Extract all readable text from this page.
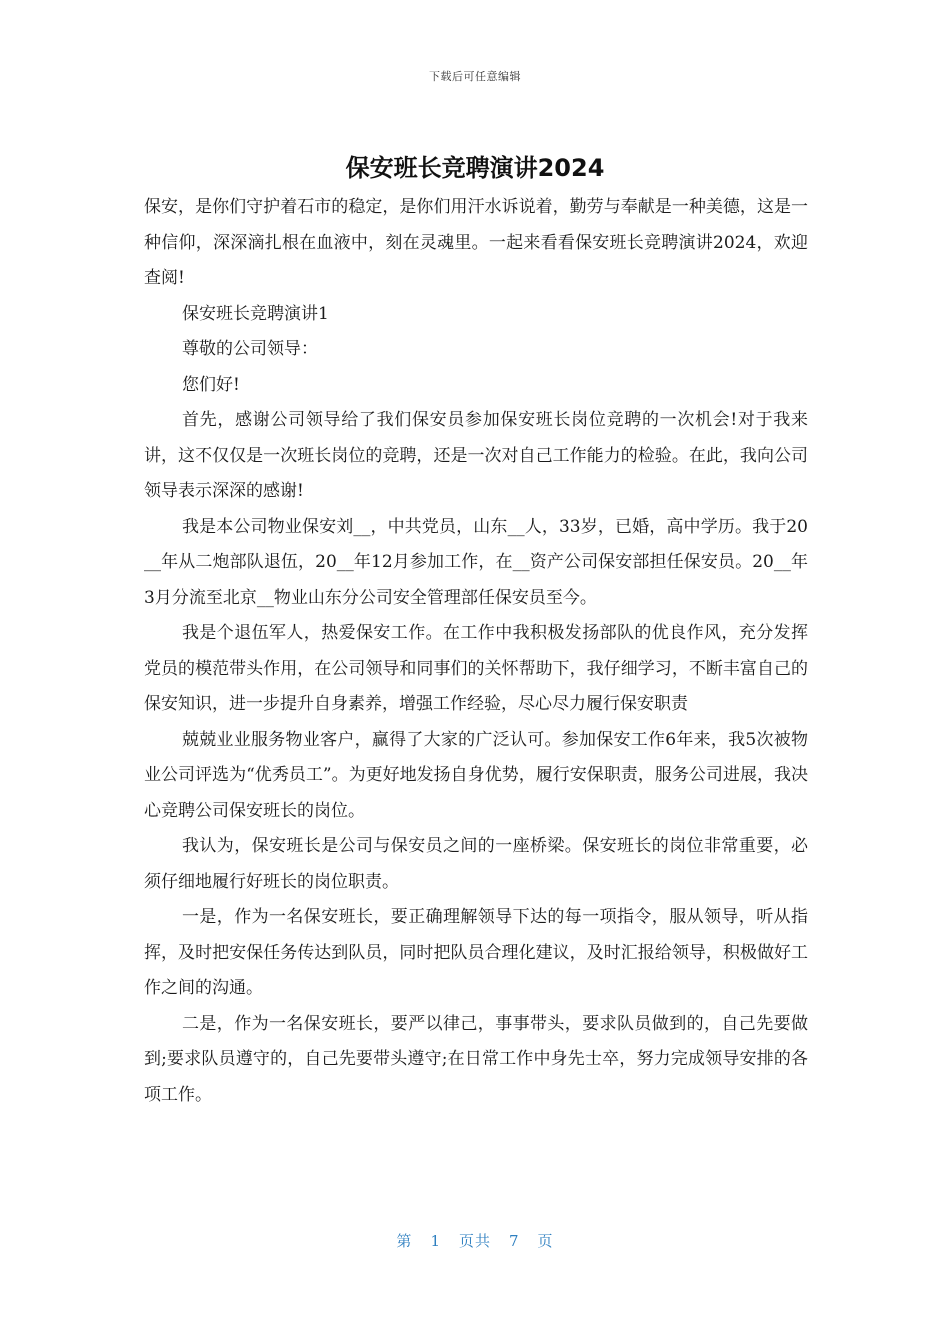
下载后可任意编辑
保安班长竞聘演讲2024

保安，是你们守护着石市的稳定，是你们用汗水诉说着，勤劳与奉献是一种美德，这是一种信仰，深深滴扎根在血液中，刻在灵魂里。一起来看看保安班长竞聘演讲2024，欢迎查阅!

保安班长竞聘演讲1

尊敬的公司领导：

您们好!

首先，感谢公司领导给了我们保安员参加保安班长岗位竞聘的一次机会!对于我来讲，这不仅仅是一次班长岗位的竞聘，还是一次对自己工作能力的检验。在此，我向公司领导表示深深的感谢!

我是本公司物业保安刘__，中共党员，山东__人，33岁，已婚，高中学历。我于20__年从二炮部队退伍，20__年12月参加工作，在__资产公司保安部担任保安员。20__年3月分流至北京__物业山东分公司安全管理部任保安员至今。

我是个退伍军人，热爱保安工作。在工作中我积极发扬部队的优良作风，充分发挥党员的模范带头作用，在公司领导和同事们的关怀帮助下，我仔细学习，不断丰富自己的保安知识，进一步提升自身素养，增强工作经验，尽心尽力履行保安职责

兢兢业业服务物业客户，赢得了大家的广泛认可。参加保安工作6年来，我5次被物业公司评选为“优秀员工”。为更好地发扬自身优势，履行安保职责，服务公司进展，我决心竞聘公司保安班长的岗位。

我认为，保安班长是公司与保安员之间的一座桥梁。保安班长的岗位非常重要，必须仔细地履行好班长的岗位职责。

一是，作为一名保安班长，要正确理解领导下达的每一项指令，服从领导，听从指挥，及时把安保任务传达到队员，同时把队员合理化建议，及时汇报给领导，积极做好工作之间的沟通。

二是，作为一名保安班长，要严以律己，事事带头，要求队员做到的，自己先要做到;要求队员遵守的，自己先要带头遵守;在日常工作中身先士卒，努力完成领导安排的各项工作。

第 1 页共 7 页
